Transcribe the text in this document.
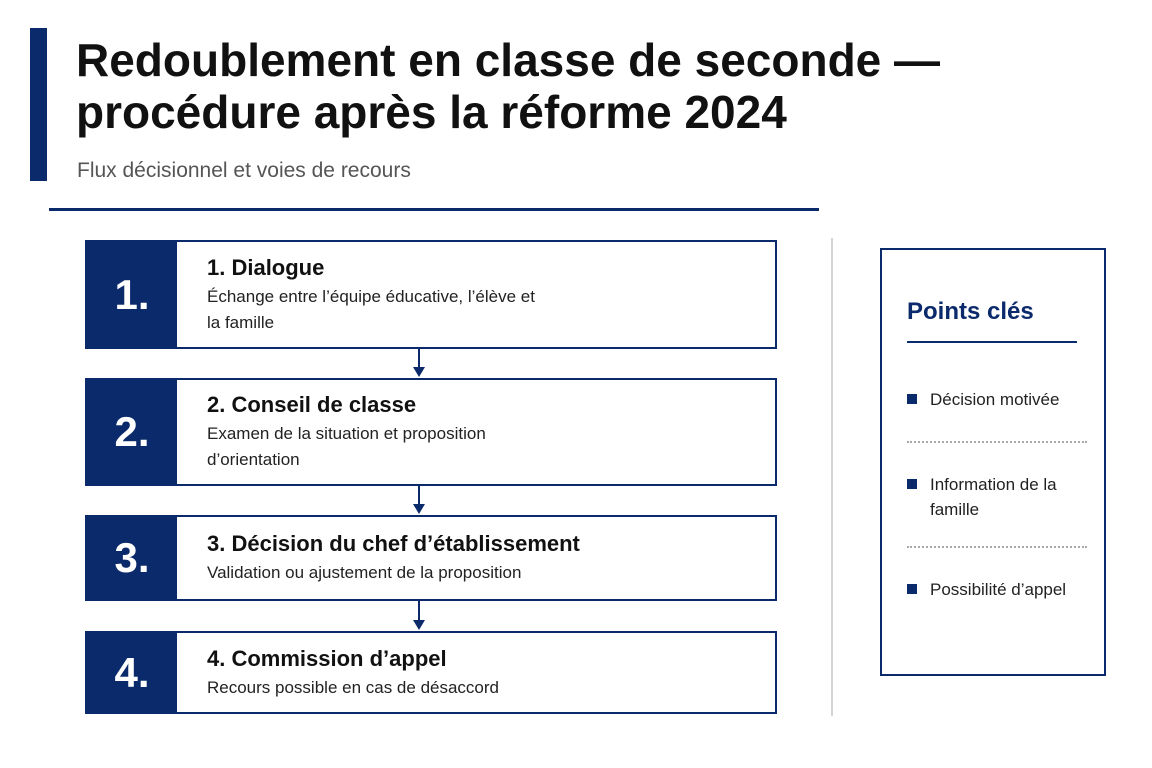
Redoublement en classe de seconde —
procédure après la réforme 2024
Flux décisionnel et voies de recours
1.
1. Dialogue
Échange entre l’équipe éducative, l’élève et la famille
2.
2. Conseil de classe
Examen de la situation et proposition d’orientation
3.	3. Décision du chef d’établissement
Validation ou ajustement de la proposition
4.	4. Commission d’appel
Recours possible en cas de désaccord
Points clés
Décision motivée
Information de la famille
Possibilité d’appel
